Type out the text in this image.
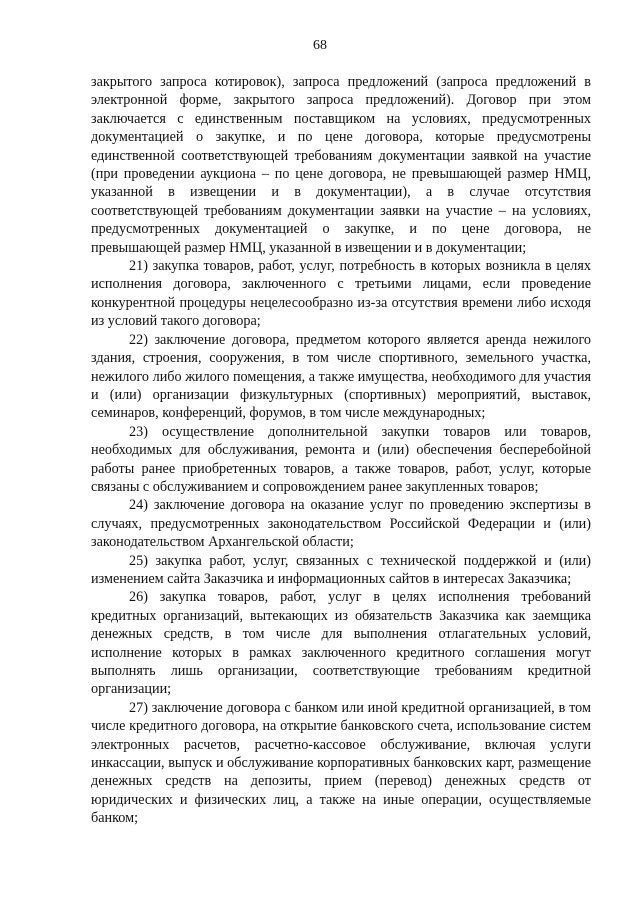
68

закрытого запроса котировок), запроса предложений (запроса предложений в электронной форме, закрытого запроса предложений). Договор при этом заключается с единственным поставщиком на условиях, предусмотренных документацией о закупке, и по цене договора, которые предусмотрены единственной соответствующей требованиям документации заявкой на участие (при проведении аукциона – по цене договора, не превышающей размер НМЦ, указанной в извещении и в документации), а в случае отсутствия соответствующей требованиям документации заявки на участие – на условиях, предусмотренных документацией о закупке, и по цене договора, не превышающей размер НМЦ, указанной в извещении и в документации;

21) закупка товаров, работ, услуг, потребность в которых возникла в целях исполнения договора, заключенного с третьими лицами, если проведение конкурентной процедуры нецелесообразно из-за отсутствия времени либо исходя из условий такого договора;

22) заключение договора, предметом которого является аренда нежилого здания, строения, сооружения, в том числе спортивного, земельного участка, нежилого либо жилого помещения, а также имущества, необходимого для участия и (или) организации физкультурных (спортивных) мероприятий, выставок, семинаров, конференций, форумов, в том числе международных;

23) осуществление дополнительной закупки товаров или товаров, необходимых для обслуживания, ремонта и (или) обеспечения бесперебойной работы ранее приобретенных товаров, а также товаров, работ, услуг, которые связаны с обслуживанием и сопровождением ранее закупленных товаров;

24) заключение договора на оказание услуг по проведению экспертизы в случаях, предусмотренных законодательством Российской Федерации и (или) законодательством Архангельской области;

25) закупка работ, услуг, связанных с технической поддержкой и (или) изменением сайта Заказчика и информационных сайтов в интересах Заказчика;

26) закупка товаров, работ, услуг в целях исполнения требований кредитных организаций, вытекающих из обязательств Заказчика как заемщика денежных средств, в том числе для выполнения отлагательных условий, исполнение которых в рамках заключенного кредитного соглашения могут выполнять лишь организации, соответствующие требованиям кредитной организации;

27) заключение договора с банком или иной кредитной организацией, в том числе кредитного договора, на открытие банковского счета, использование систем электронных расчетов, расчетно-кассовое обслуживание, включая услуги инкассации, выпуск и обслуживание корпоративных банковских карт, размещение денежных средств на депозиты, прием (перевод) денежных средств от юридических и физических лиц, а также на иные операции, осуществляемые банком;
